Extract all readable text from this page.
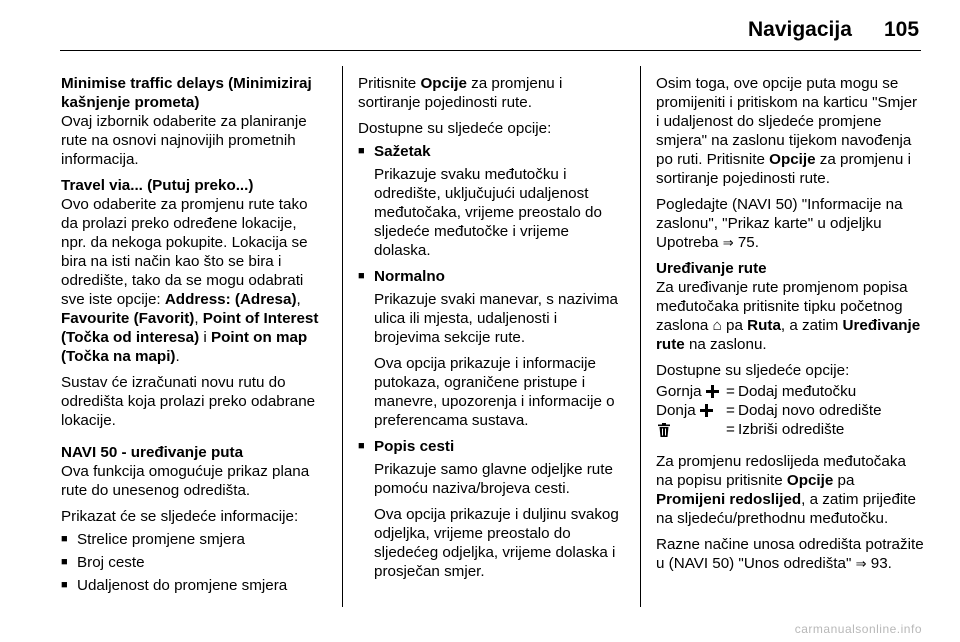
Navigacija 105

Minimise traffic delays (Minimiziraj kašnjenje prometa)

Ovaj izbornik odaberite za planiranje rute na osnovi najnovijih prometnih informacija.

Travel via... (Putuj preko...)

Ovo odaberite za promjenu rute tako da prolazi preko određene lokacije, npr. da nekoga pokupite. Lokacija se bira na isti način kao što se bira i odredište, tako da se mogu odabrati sve iste opcije: Address: (Adresa), Favourite (Favorit), Point of Interest (Točka od interesa) i Point on map (Točka na mapi).

Sustav će izračunati novu rutu do odredišta koja prolazi preko odabrane lokacije.

NAVI 50 - uređivanje puta

Ova funkcija omogućuje prikaz plana rute do unesenog odredišta.

Prikazat će se sljedeće informacije:

■ Strelice promjene smjera
■ Broj ceste
■ Udaljenost do promjene smjera

Pritisnite Opcije za promjenu i sortiranje pojedinosti rute.

Dostupne su sljedeće opcije:

■ Sažetak
Prikazuje svaku međutočku i odredište, uključujući udaljenost međutočaka, vrijeme preostalo do sljedeće međutočke i vrijeme dolaska.
■ Normalno
Prikazuje svaki manevar, s nazivima ulica ili mjesta, udaljenosti i brojevima sekcije rute.
Ova opcija prikazuje i informacije putokaza, ograničene pristupe i manevre, upozorenja i informacije o preferencama sustava.
■ Popis cesti
Prikazuje samo glavne odjeljke rute pomoću naziva/brojeva cesti.
Ova opcija prikazuje i duljinu svakog odjeljka, vrijeme preostalo do sljedećeg odjeljka, vrijeme dolaska i prosječan smjer.

Osim toga, ove opcije puta mogu se promijeniti i pritiskom na karticu "Smjer i udaljenost do sljedeće promjene smjera" na zaslonu tijekom navođenja po ruti. Pritisnite Opcije za promjenu i sortiranje pojedinosti rute.

Pogledajte (NAVI 50) "Informacije na zaslonu", "Prikaz karte" u odjeljku Upotreba ⇒ 75.

Uređivanje rute

Za uređivanje rute promjenom popisa međutočaka pritisnite tipku početnog zaslona ⌂ pa Ruta, a zatim Uređivanje rute na zaslonu.

Dostupne su sljedeće opcije:

Gornja = Dodaj međutočku
Donja = Dodaj novo odredište
= Izbriši odredište

Za promjenu redoslijeda međutočaka na popisu pritisnite Opcije pa Promijeni redoslijed, a zatim prijeđite na sljedeću/prethodnu međutočku.

Razne načine unosa odredišta potražite u (NAVI 50) "Unos odredišta" ⇒ 93.

carmanualsonline.info
